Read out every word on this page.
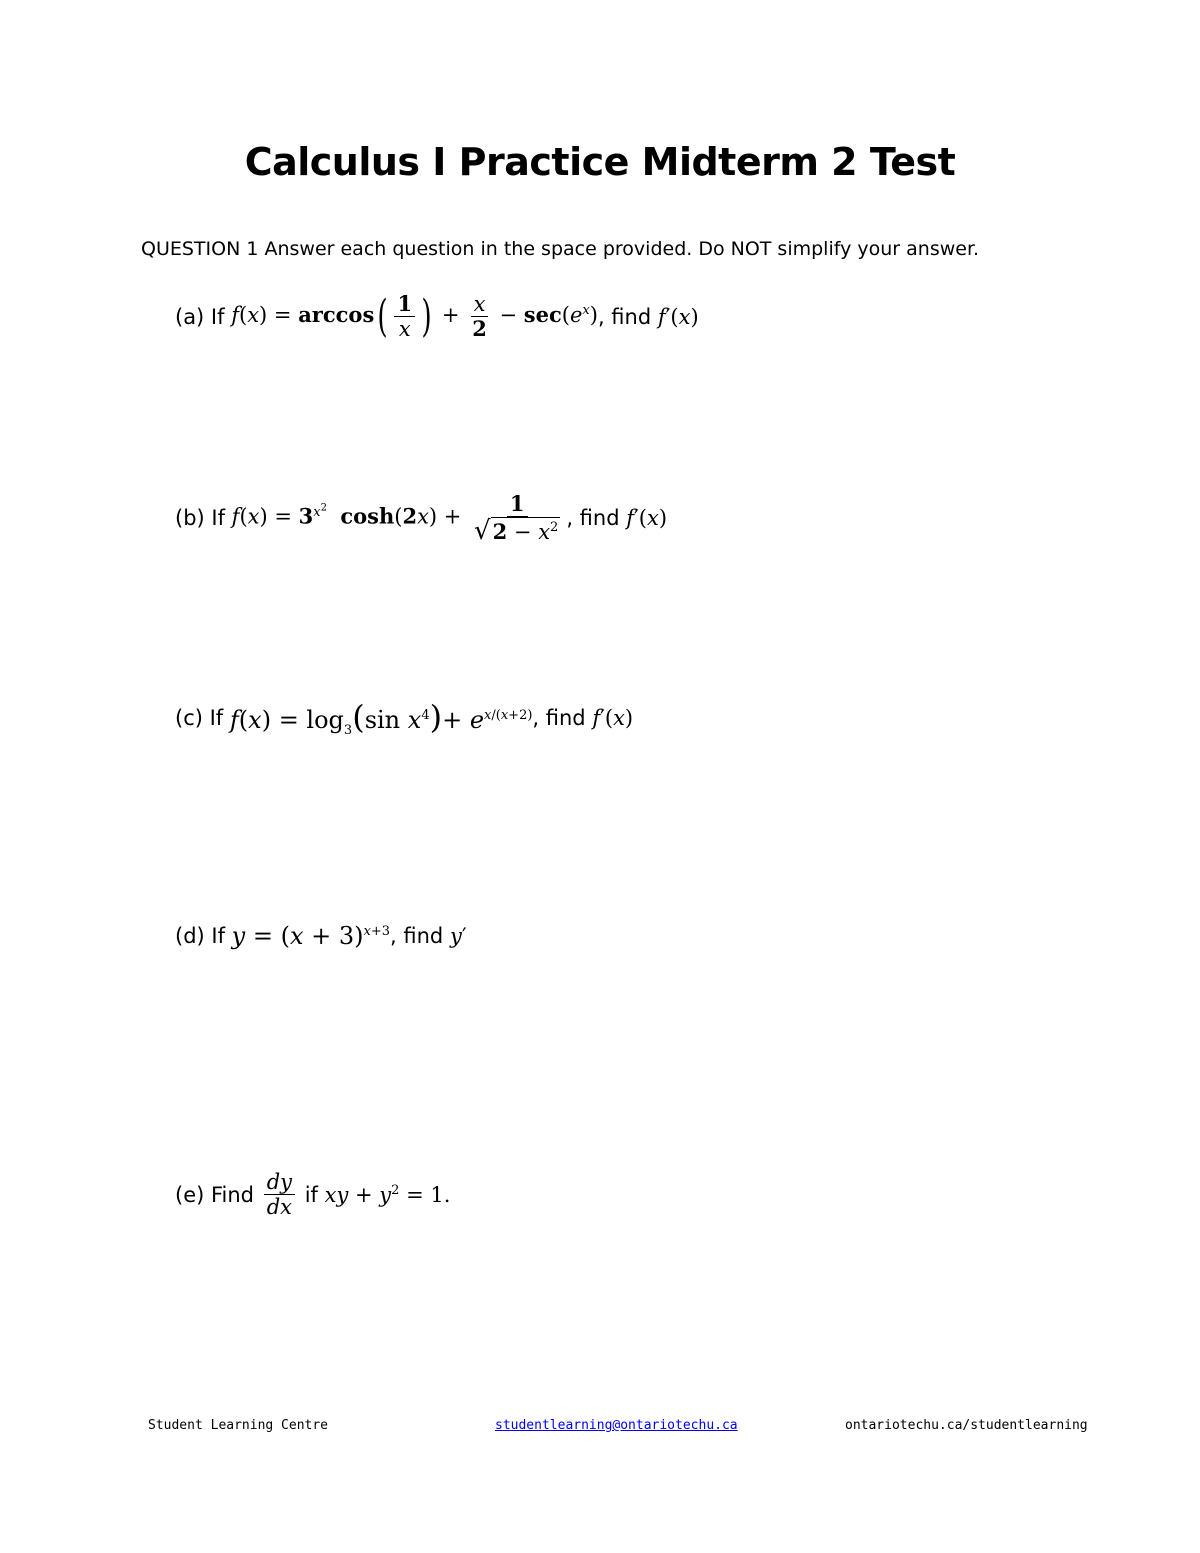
Calculus I Practice Midterm 2 Test
QUESTION 1 Answer each question in the space provided. Do NOT simplify your answer.
(a) If
$f(x) = \arccos( \frac{1}{x}$ ) + $\frac{x}{2} - \sec(e^x)$ , find
f′(x)
(b) If
$f(x) = 3^{x^2}$ $\cosh(2x) + \frac{1}{√ 2 - x^2}$ , find
f′(x)
(c) If
$f(x) = \log_3(\sin$ $x^4)+ e^{x/(x+2)}$ , find
f′(x)
(d) If
$y = (x + 3)^{x+3}$ , find
y′
(e) Find
$\frac{dy}{dx}$
if
xy + $y^2 = 1$ .
Student Learning Centre	studentlearning@ontariotechu.ca	ontariotechu.ca/studentlearning
